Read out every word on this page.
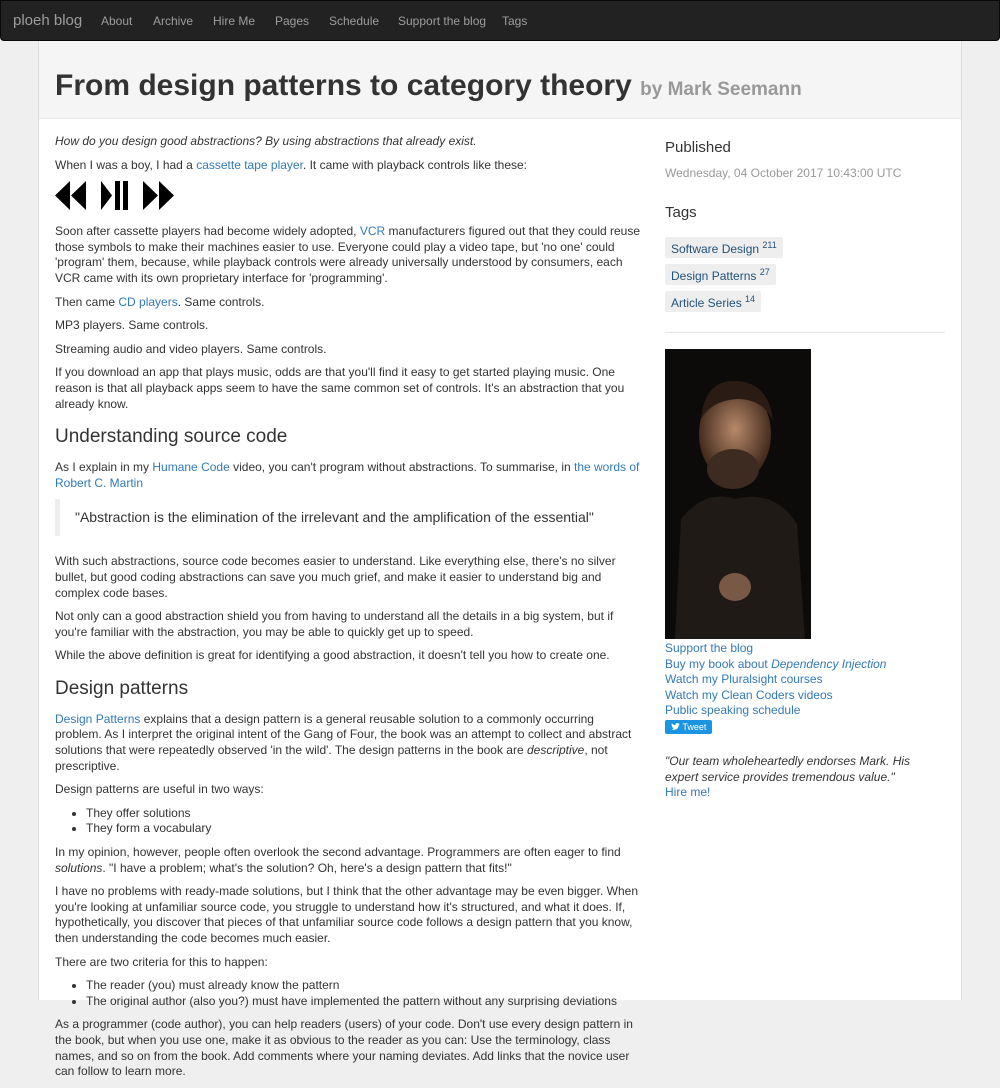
ploeh blog About Archive Hire Me Pages Schedule Support the blog Tags
From design patterns to category theory by Mark Seemann

How do you design good abstractions? By using abstractions that already exist.

When I was a boy, I had a cassette tape player. It came with playback controls like these:

Soon after cassette players had become widely adopted, VCR manufacturers figured out that they could reuse those symbols to make their machines easier to use. Everyone could play a video tape, but 'no one' could 'program' them, because, while playback controls were already universally understood by consumers, each VCR came with its own proprietary interface for 'programming'.

Then came CD players. Same controls.

MP3 players. Same controls.

Streaming audio and video players. Same controls.

If you download an app that plays music, odds are that you'll find it easy to get started playing music. One reason is that all playback apps seem to have the same common set of controls. It's an abstraction that you already know.

Understanding source code

As I explain in my Humane Code video, you can't program without abstractions. To summarise, in the words of Robert C. Martin

"Abstraction is the elimination of the irrelevant and the amplification of the essential"

With such abstractions, source code becomes easier to understand. Like everything else, there's no silver bullet, but good coding abstractions can save you much grief, and make it easier to understand big and complex code bases.

Not only can a good abstraction shield you from having to understand all the details in a big system, but if you're familiar with the abstraction, you may be able to quickly get up to speed.

While the above definition is great for identifying a good abstraction, it doesn't tell you how to create one.

Design patterns

Design Patterns explains that a design pattern is a general reusable solution to a commonly occurring problem. As I interpret the original intent of the Gang of Four, the book was an attempt to collect and abstract solutions that were repeatedly observed 'in the wild'. The design patterns in the book are descriptive, not prescriptive.

Design patterns are useful in two ways:

• They offer solutions
• They form a vocabulary

In my opinion, however, people often overlook the second advantage. Programmers are often eager to find solutions. "I have a problem; what's the solution? Oh, here's a design pattern that fits!"

I have no problems with ready-made solutions, but I think that the other advantage may be even bigger. When you're looking at unfamiliar source code, you struggle to understand how it's structured, and what it does. If, hypothetically, you discover that pieces of that unfamiliar source code follows a design pattern that you know, then understanding the code becomes much easier.

There are two criteria for this to happen:

• The reader (you) must already know the pattern
• The original author (also you?) must have implemented the pattern without any surprising deviations

As a programmer (code author), you can help readers (users) of your code. Don't use every design pattern in the book, but when you use one, make it as obvious to the reader as you can: Use the terminology, class names, and so on from the book. Add comments where your naming deviates. Add links that the novice user can follow to learn more.

Published
Wednesday, 04 October 2017 10:43:00 UTC
Tags
Software Design $^{211}$
Design Patterns $^{27}$
Article Series $^{14}$
Support the blog
Buy my book about Dependency Injection
Watch my Pluralsight courses
Watch my Clean Coders videos
Public speaking schedule
Tweet
"Our team wholeheartedly endorses Mark. His expert service provides tremendous value."
Hire me!
